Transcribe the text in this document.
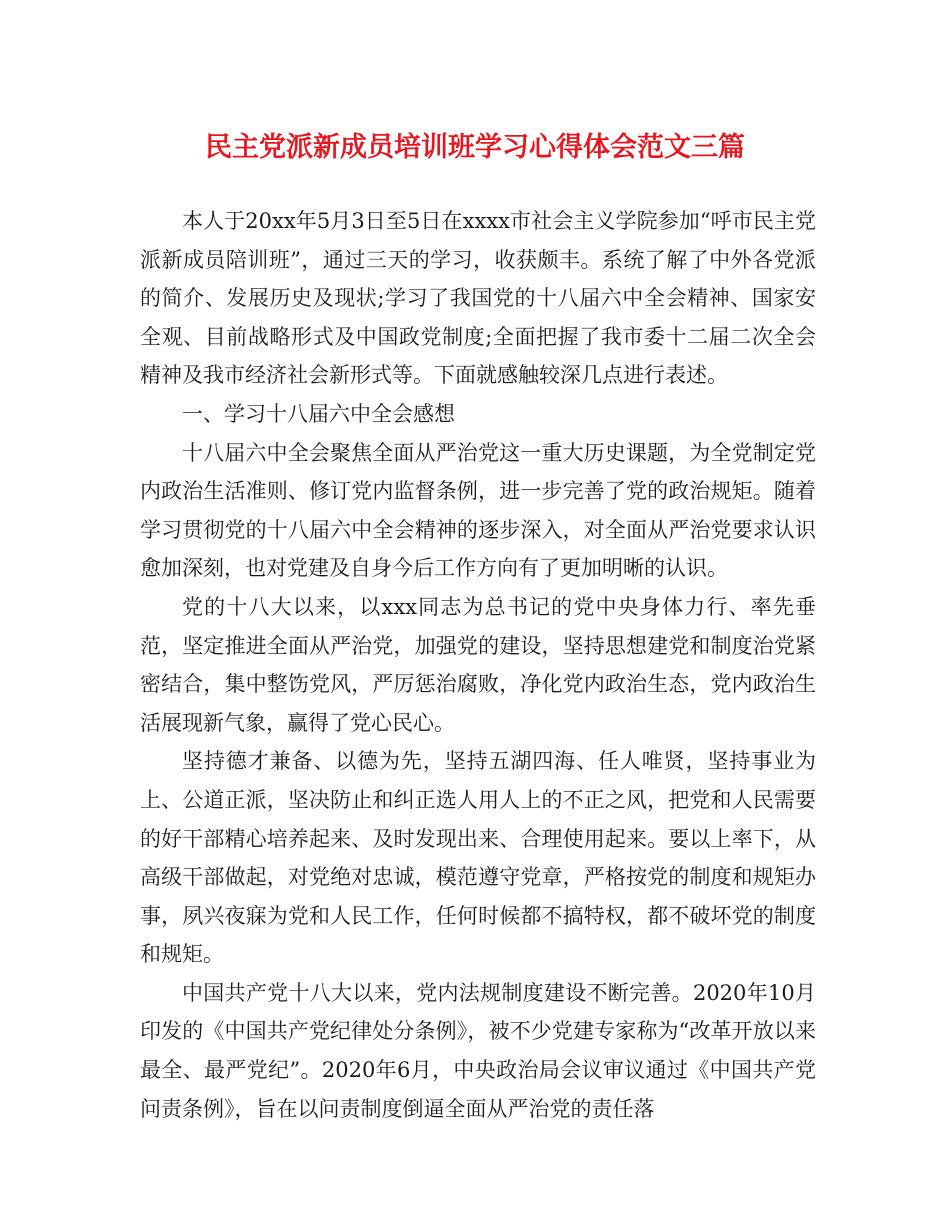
民主党派新成员培训班学习心得体会范文三篇

本人于20xx年5月3日至5日在xxxx市社会主义学院参加“呼市民主党派新成员陪训班”，通过三天的学习，收获颇丰。系统了解了中外各党派的简介、发展历史及现状;学习了我国党的十八届六中全会精神、国家安全观、目前战略形式及中国政党制度;全面把握了我市委十二届二次全会精神及我市经济社会新形式等。下面就感触较深几点进行表述。

一、学习十八届六中全会感想

十八届六中全会聚焦全面从严治党这一重大历史课题，为全党制定党内政治生活准则、修订党内监督条例，进一步完善了党的政治规矩。随着学习贯彻党的十八届六中全会精神的逐步深入，对全面从严治党要求认识愈加深刻，也对党建及自身今后工作方向有了更加明晰的认识。

党的十八大以来，以xxx同志为总书记的党中央身体力行、率先垂范，坚定推进全面从严治党，加强党的建设，坚持思想建党和制度治党紧密结合，集中整饬党风，严厉惩治腐败，净化党内政治生态，党内政治生活展现新气象，赢得了党心民心。

坚持德才兼备、以德为先，坚持五湖四海、任人唯贤，坚持事业为上、公道正派，坚决防止和纠正选人用人上的不正之风，把党和人民需要的好干部精心培养起来、及时发现出来、合理使用起来。要以上率下，从高级干部做起，对党绝对忠诚，模范遵守党章，严格按党的制度和规矩办事，夙兴夜寐为党和人民工作，任何时候都不搞特权，都不破坏党的制度和规矩。

中国共产党十八大以来，党内法规制度建设不断完善。2020年10月印发的《中国共产党纪律处分条例》，被不少党建专家称为“改革开放以来最全、最严党纪”。2020年6月，中央政治局会议审议通过《中国共产党问责条例》，旨在以问责制度倒逼全面从严治党的责任落
